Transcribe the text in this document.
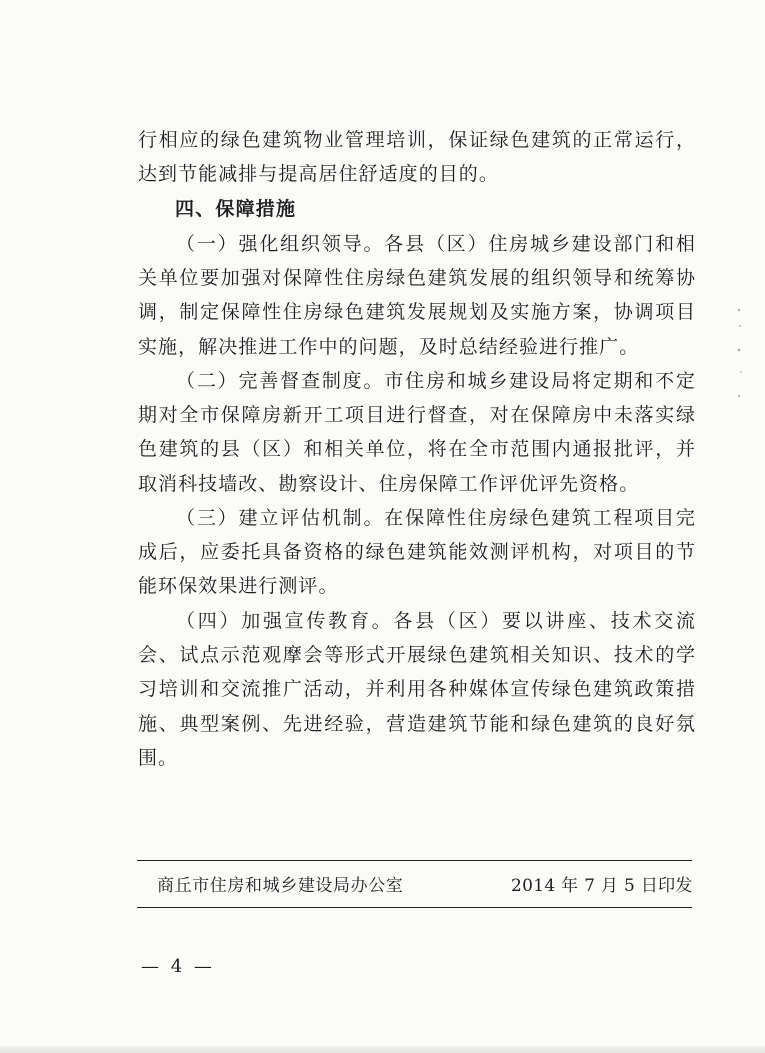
行相应的绿色建筑物业管理培训，保证绿色建筑的正常运行，达到节能减排与提高居住舒适度的目的。

四、保障措施

（一）强化组织领导。各县（区）住房城乡建设部门和相关单位要加强对保障性住房绿色建筑发展的组织领导和统筹协调，制定保障性住房绿色建筑发展规划及实施方案，协调项目实施，解决推进工作中的问题，及时总结经验进行推广。

（二）完善督查制度。市住房和城乡建设局将定期和不定期对全市保障房新开工项目进行督查，对在保障房中未落实绿色建筑的县（区）和相关单位，将在全市范围内通报批评，并取消科技墙改、勘察设计、住房保障工作评优评先资格。

（三）建立评估机制。在保障性住房绿色建筑工程项目完成后，应委托具备资格的绿色建筑能效测评机构，对项目的节能环保效果进行测评。

（四）加强宣传教育。各县（区）要以讲座、技术交流会、试点示范观摩会等形式开展绿色建筑相关知识、技术的学习培训和交流推广活动，并利用各种媒体宣传绿色建筑政策措施、典型案例、先进经验，营造建筑节能和绿色建筑的良好氛围。

商丘市住房和城乡建设局办公室	2014 年 7 月 5 日印发
— 4 —
